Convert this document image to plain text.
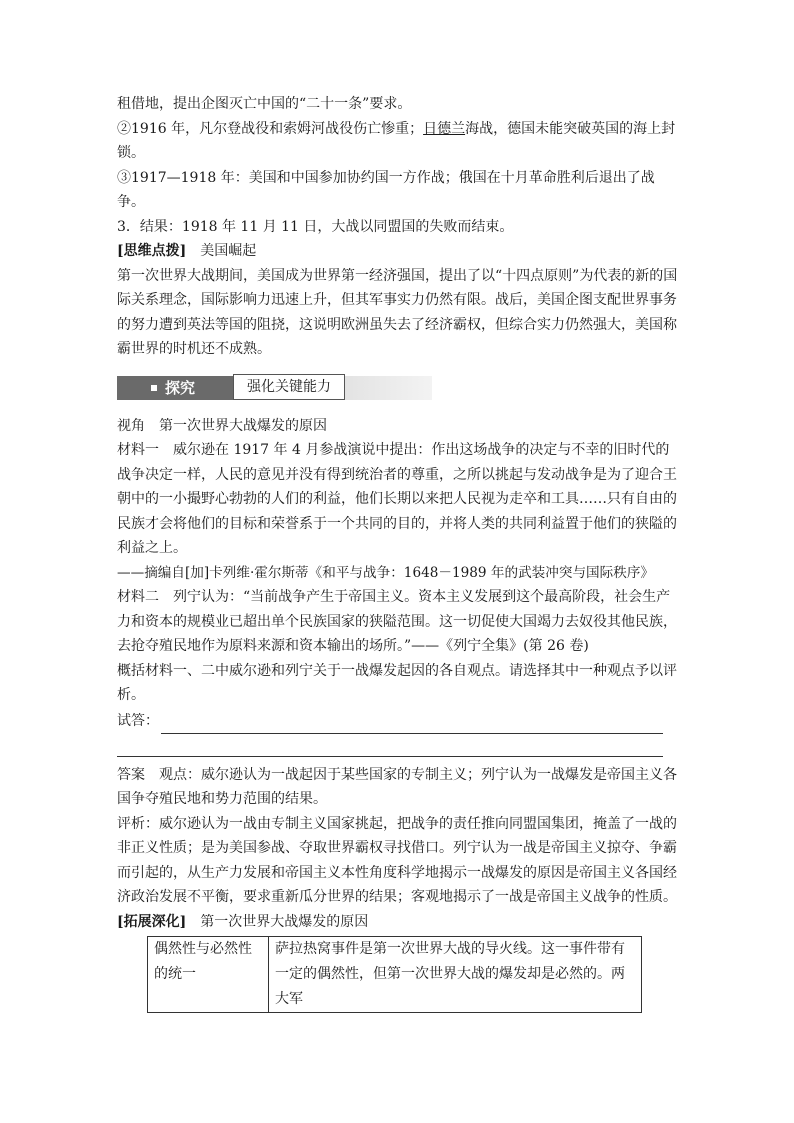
租借地，提出企图灭亡中国的“二十一条”要求。

②1916 年，凡尔登战役和索姆河战役伤亡惨重；日德兰海战，德国未能突破英国的海上封锁。

③1917—1918 年：美国和中国参加协约国一方作战；俄国在十月革命胜利后退出了战争。

3．结果：1918 年 11 月 11 日，大战以同盟国的失败而结束。

[思维点拨]　 美国崛起

第一次世界大战期间，美国成为世界第一经济强国，提出了以“十四点原则”为代表的新的国际关系理念，国际影响力迅速上升，但其军事实力仍然有限。战后，美国企图支配世界事务的努力遭到英法等国的阻挠，这说明欧洲虽失去了经济霸权，但综合实力仍然强大，美国称霸世界的时机还不成熟。

探究	强化关键能力

视角　第一次世界大战爆发的原因

材料一　威尔逊在 1917 年 4 月参战演说中提出：作出这场战争的决定与不幸的旧时代的战争决定一样，人民的意见并没有得到统治者的尊重，之所以挑起与发动战争是为了迎合王朝中的一小撮野心勃勃的人们的利益，他们长期以来把人民视为走卒和工具……只有自由的民族才会将他们的目标和荣誉系于一个共同的目的，并将人类的共同利益置于他们的狭隘的利益之上。

——摘编自[加]卡列维·霍尔斯蒂《和平与战争：1648－1989 年的武装冲突与国际秩序》

材料二　列宁认为：“当前战争产生于帝国主义。资本主义发展到这个最高阶段，社会生产力和资本的规模业已超出单个民族国家的狭隘范围。这一切促使大国竭力去奴役其他民族，去抢夺殖民地作为原料来源和资本输出的场所。”——《列宁全集》(第 26 卷)

概括材料一、二中威尔逊和列宁关于一战爆发起因的各自观点。请选择其中一种观点予以评析。

试答：

答案　观点：威尔逊认为一战起因于某些国家的专制主义；列宁认为一战爆发是帝国主义各国争夺殖民地和势力范围的结果。

评析：威尔逊认为一战由专制主义国家挑起，把战争的责任推向同盟国集团，掩盖了一战的非正义性质；是为美国参战、夺取世界霸权寻找借口。列宁认为一战是帝国主义掠夺、争霸而引起的，从生产力发展和帝国主义本性角度科学地揭示一战爆发的原因是帝国主义各国经济政治发展不平衡，要求重新瓜分世界的结果；客观地揭示了一战是帝国主义战争的性质。

[拓展深化]　 第一次世界大战爆发的原因

偶然性与必然性的统一	萨拉热窝事件是第一次世界大战的导火线。这一事件带有一定的偶然性，但第一次世界大战的爆发却是必然的。两大军
